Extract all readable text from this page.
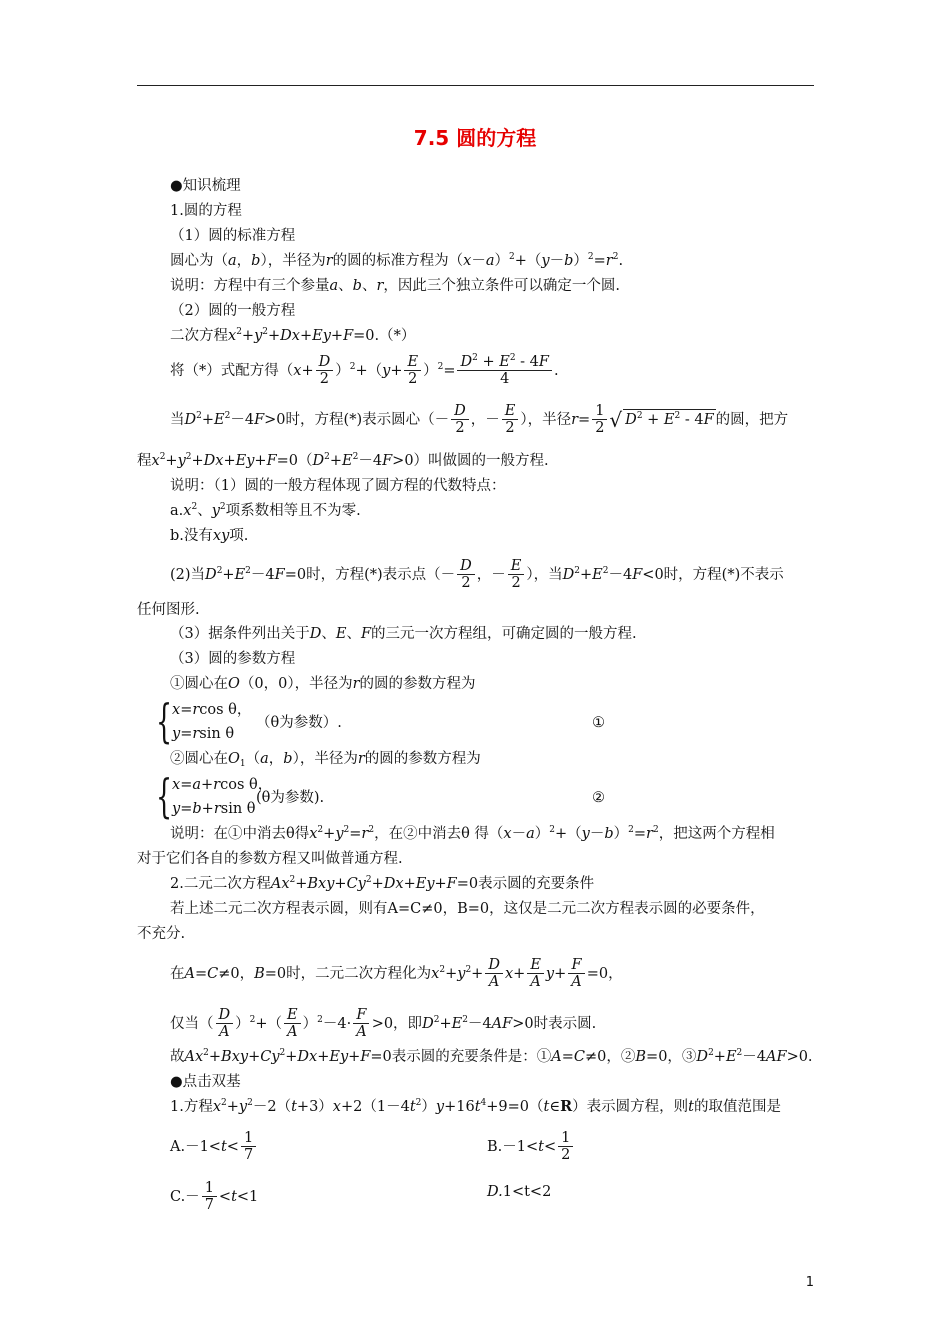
7.5 圆的方程
●知识梳理
1.圆的方程
（1）圆的标准方程
圆心为（a，b），半径为r的圆的标准方程为$(x-a)^2+(y-b)^2=r^2$.
说明：方程中有三个参量a、b、r，因此三个独立条件可以确定一个圆.
（2）圆的一般方程
二次方程$x^2+y^2+Dx+Ey+F=0.(*)$
将（*）式配方得$(x+ \frac{D}{2} )^2+(y+ \frac{E}{2} )^2= \frac{D^2 + E^2 - 4F}{4}$ .
当$D^2+E^2-4F>0$时，方程(*)表示圆心（－ $\frac{D}{2}$ ，－ $\frac{E}{2}$ ），半径$r= \frac{1}{2}$ √ $D^2 + E^2 - 4F$ 的圆，把方
程$x^2+y^2+Dx+Ey+F=0(D^2+E^2-4F>0)$叫做圆的一般方程.
说明：（1）圆的一般方程体现了圆方程的代数特点：
$a.x^2$、$y^2$项系数相等且不为零.
b.没有xy项.
(2)当$D^2+E^2-4F=0$时，方程(*)表示点（－ $\frac{D}{2}$ ，－ $\frac{E}{2}$ ），当$D^2+E^2-4F<0$时，方程(*)不表示
任何图形.
（3）据条件列出关于D、E、F的三元一次方程组，可确定圆的一般方程.
（3）圆的参数方程
①圆心在O（0，0），半径为r的圆的参数方程为
{ x=rcos θ，
y=rsin θ
（θ为参数）.	①
②圆心在$O_1(a$，b），半径为r的圆的参数方程为
{ x=a+rcos θ，
y=b+rsin θ
(θ为参数).	②
说明：在①中消去θ得$x^2+y^2=r^2$，在②中消去θ 得$(x-a)^2+(y-b)^2=r^2$，把这两个方程相
对于它们各自的参数方程又叫做普通方程.
2.二元二次方程$Ax^2+Bxy+Cy^2+Dx+Ey+F=0$表示圆的充要条件
若上述二元二次方程表示圆，则有A=C≠0，B=0，这仅是二元二次方程表示圆的必要条件，
不充分.
在A=C≠0，B=0时，二元二次方程化为$x^2+y^2+ \frac{D}{A} x+ \frac{E}{A} y+ \frac{F}{A} =0$，
仅当（ $\frac{D}{A} )^2+( \frac{E}{A} )^2-4\cdot \frac{F}{A} >0$，即$D^2+E^2-4AF>0$时表示圆.
故$Ax^2+Bxy+Cy^2+Dx+Ey+F=0$表示圆的充要条件是：①A=C≠0，②B=0，$③D^2+E^2-4AF>0$.
●点击双基
1.方程$x^2+y^2-2(t+3)x+2(1-4t^2)y+16t^4+9=0(t\in R)$表示圆方程，则t的取值范围是
$A.-1<t< \frac{1}{7}$	$B.-1<t< \frac{1}{2}$
$C.- \frac{1}{7} <t<1$	D.1<t<2
1
